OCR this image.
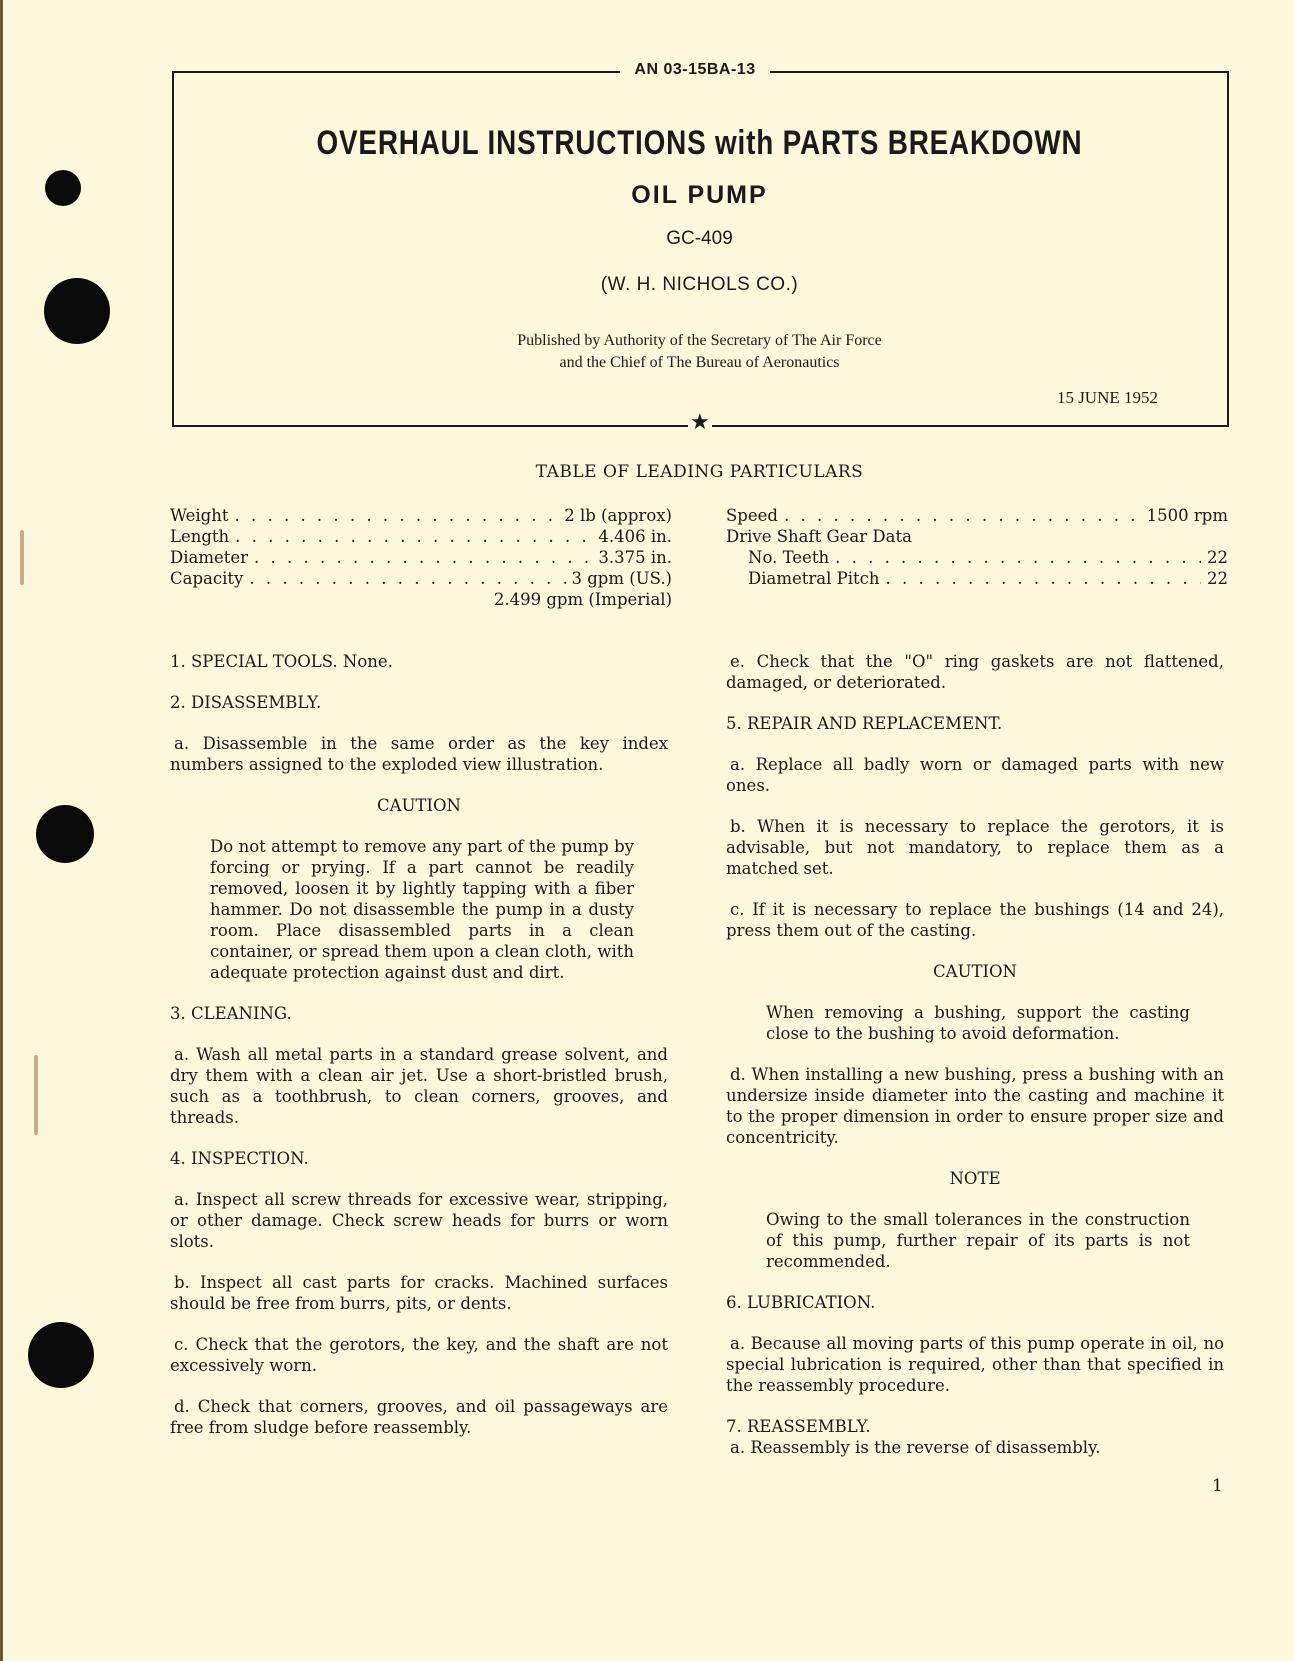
AN 03-15BA-13
OVERHAUL INSTRUCTIONS with PARTS BREAKDOWN
OIL PUMP
GC-409
(W. H. NICHOLS CO.)
Published by Authority of the Secretary of The Air Force
and the Chief of The Bureau of Aeronautics
15 JUNE 1952
★
TABLE OF LEADING PARTICULARS
Weight . . .	2 lb (approx)
Length . . .	4.406 in.
Diameter . . .	3.375 in.
Capacity . . .	3 gpm (US.)
2.499 gpm (Imperial)
Speed . . .	1500 rpm
Drive Shaft Gear Data
No. Teeth . . .	22
Diametral Pitch . . .	22

1. SPECIAL TOOLS. None.

2. DISASSEMBLY.

a. Disassemble in the same order as the key index numbers assigned to the exploded view illustration.

CAUTION

Do not attempt to remove any part of the pump by forcing or prying. If a part cannot be readily removed, loosen it by lightly tapping with a fiber hammer. Do not disassemble the pump in a dusty room. Place disassembled parts in a clean container, or spread them upon a clean cloth, with adequate protection against dust and dirt.

3. CLEANING.

a. Wash all metal parts in a standard grease solvent, and dry them with a clean air jet. Use a short-bristled brush, such as a toothbrush, to clean corners, grooves, and threads.

4. INSPECTION.

a. Inspect all screw threads for excessive wear, stripping, or other damage. Check screw heads for burrs or worn slots.

b. Inspect all cast parts for cracks. Machined surfaces should be free from burrs, pits, or dents.

c. Check that the gerotors, the key, and the shaft are not excessively worn.

d. Check that corners, grooves, and oil passageways are free from sludge before reassembly.

e. Check that the "O" ring gaskets are not flattened, damaged, or deteriorated.

5. REPAIR AND REPLACEMENT.

a. Replace all badly worn or damaged parts with new ones.

b. When it is necessary to replace the gerotors, it is advisable, but not mandatory, to replace them as a matched set.

c. If it is necessary to replace the bushings (14 and 24), press them out of the casting.

CAUTION

When removing a bushing, support the casting close to the bushing to avoid deformation.

d. When installing a new bushing, press a bushing with an undersize inside diameter into the casting and machine it to the proper dimension in order to ensure proper size and concentricity.

NOTE

Owing to the small tolerances in the construction of this pump, further repair of its parts is not recommended.

6. LUBRICATION.

a. Because all moving parts of this pump operate in oil, no special lubrication is required, other than that specified in the reassembly procedure.

7. REASSEMBLY.

a. Reassembly is the reverse of disassembly.

1
